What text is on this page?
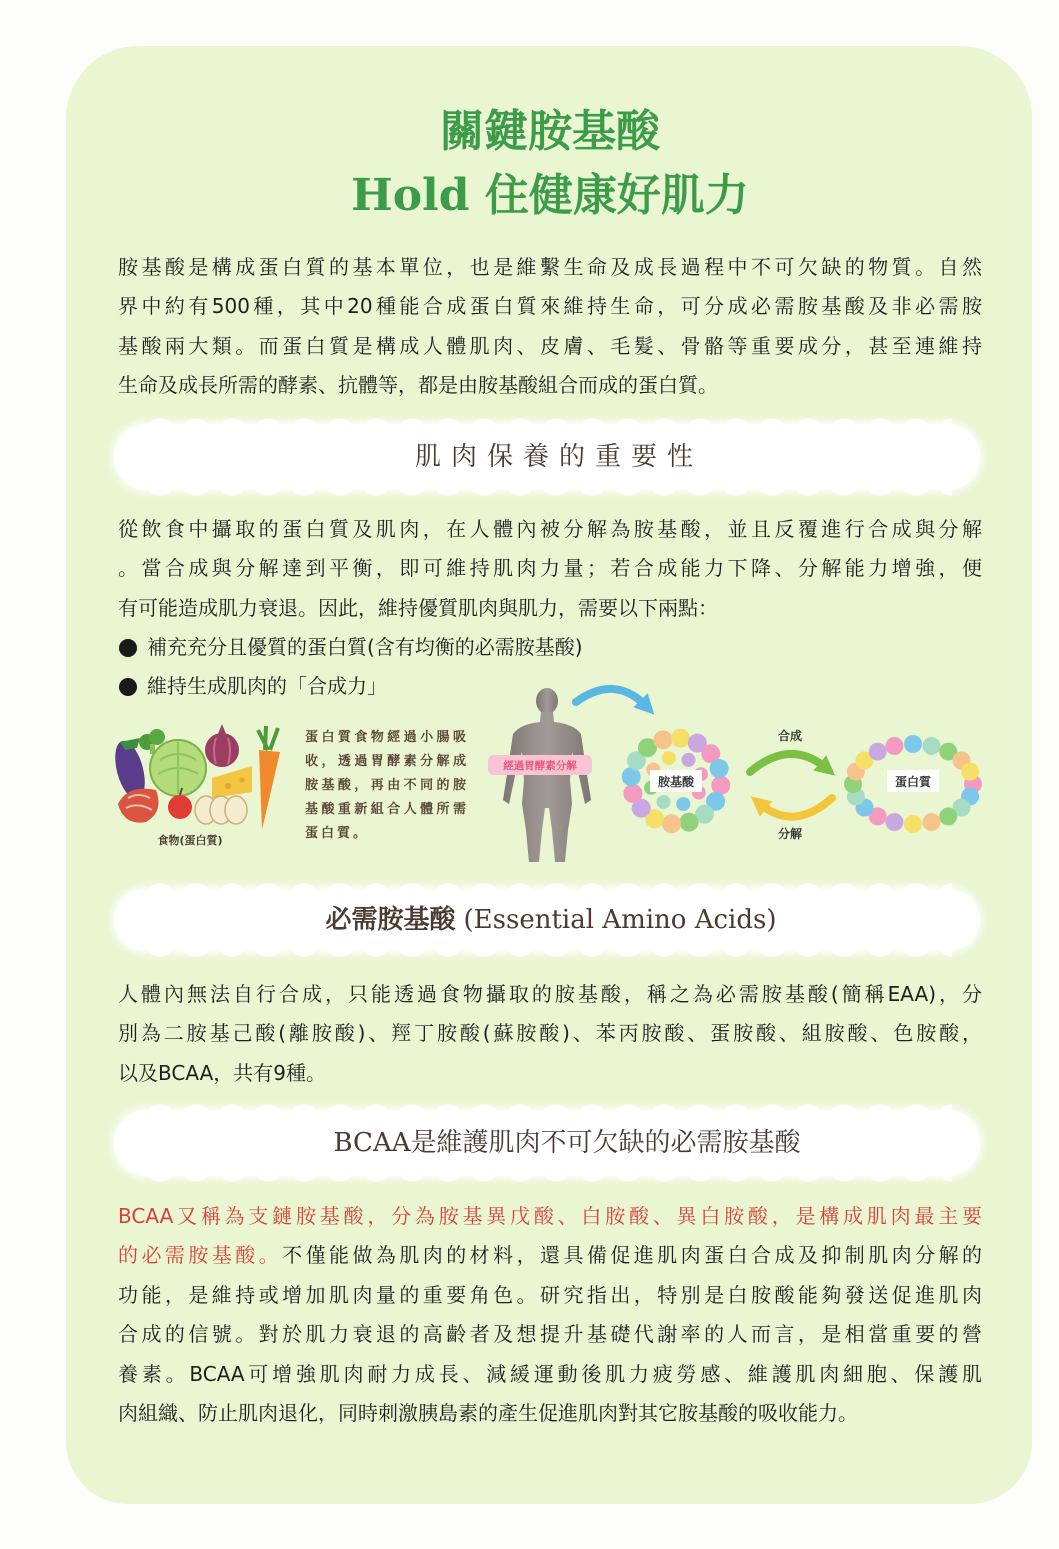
關鍵胺基酸
Hold 住健康好肌力
胺基酸是構成蛋白質的基本單位，也是維繫生命及成長過程中不可欠缺的物質。自然
界中約有500種，其中20種能合成蛋白質來維持生命，可分成必需胺基酸及非必需胺
基酸兩大類。而蛋白質是構成人體肌肉、皮膚、毛髮、骨骼等重要成分，甚至連維持
生命及成長所需的酵素、抗體等，都是由胺基酸組合而成的蛋白質。
肌肉保養的重要性
從飲食中攝取的蛋白質及肌肉，在人體內被分解為胺基酸，並且反覆進行合成與分解
。當合成與分解達到平衡，即可維持肌肉力量；若合成能力下降、分解能力增強，便
有可能造成肌力衰退。因此，維持優質肌肉與肌力，需要以下兩點：
補充充分且優質的蛋白質(含有均衡的必需胺基酸)
維持生成肌肉的「合成力」
食物(蛋白質)
經過胃酵素分解
合成
分解
胺基酸	蛋白質
蛋白質食物經過小腸吸
收，透過胃酵素分解成
胺基酸，再由不同的胺
基酸重新組合人體所需
蛋白質。
必需胺基酸 (Essential Amino Acids)
人體內無法自行合成，只能透過食物攝取的胺基酸，稱之為必需胺基酸(簡稱EAA)，分
別為二胺基己酸(離胺酸)、羥丁胺酸(蘇胺酸)、苯丙胺酸、蛋胺酸、組胺酸、色胺酸，
以及BCAA，共有9種。
BCAA是維護肌肉不可欠缺的必需胺基酸
BCAA又稱為支鏈胺基酸，分為胺基異戊酸、白胺酸、異白胺酸，是構成肌肉最主要
的必需胺基酸。不僅能做為肌肉的材料，還具備促進肌肉蛋白合成及抑制肌肉分解的
功能，是維持或增加肌肉量的重要角色。研究指出，特別是白胺酸能夠發送促進肌肉
合成的信號。對於肌力衰退的高齡者及想提升基礎代謝率的人而言，是相當重要的營
養素。BCAA可增強肌肉耐力成長、減緩運動後肌力疲勞感、維護肌肉細胞、保護肌
肉組織、防止肌肉退化，同時刺激胰島素的產生促進肌肉對其它胺基酸的吸收能力。
